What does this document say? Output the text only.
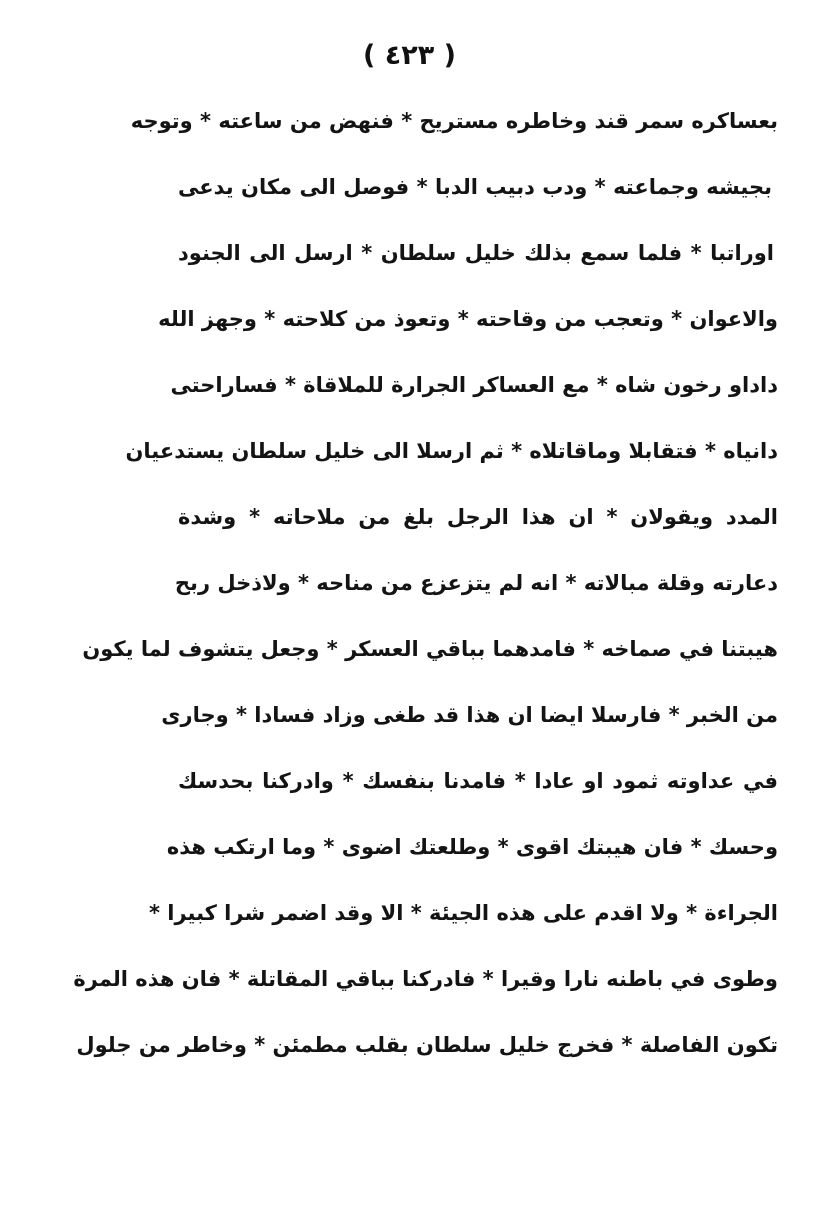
( ٤٢٣ )
بعساكره سمر قند وخاطره مستريح * فنهض من ساعته * وتوجه
بجيشه وجماعته * ودب دبيب الدبا * فوصل الى مكان يدعى
اوراتبا * فلما سمع بذلك خليل سلطان * ارسل الى الجنود
والاعوان * وتعجب من وقاحته * وتعوذ من كلاحته * وجهز الله
داداو رخون شاه * مع العساكر الجرارة للملاقاة * فساراحتى
دانياه * فتقابلا وماقاتلاه * ثم ارسلا الى خليل سلطان يستدعيان
المدد ويقولان * ان هذا الرجل بلغ من ملاحاته * وشدة
دعارته وقلة مبالاته * انه لم يتزعزع من مناحه * ولاذخل ربح
هيبتنا في صماخه * فامدهما بباقي العسكر * وجعل يتشوف لما يكون
من الخبر * فارسلا ايضا ان هذا قد طغى وزاد فسادا * وجارى
في عداوته ثمود او عادا * فامدنا بنفسك * وادركنا بحدسك
وحسك * فان هيبتك اقوى * وطلعتك اضوى * وما ارتكب هذه
الجراءة * ولا اقدم على هذه الجيئة * الا وقد اضمر شرا كبيرا *
وطوى في باطنه نارا وقيرا * فادركنا بباقي المقاتلة * فان هذه المرة
تكون الفاصلة * فخرج خليل سلطان بقلب مطمئن * وخاطر من جلول
